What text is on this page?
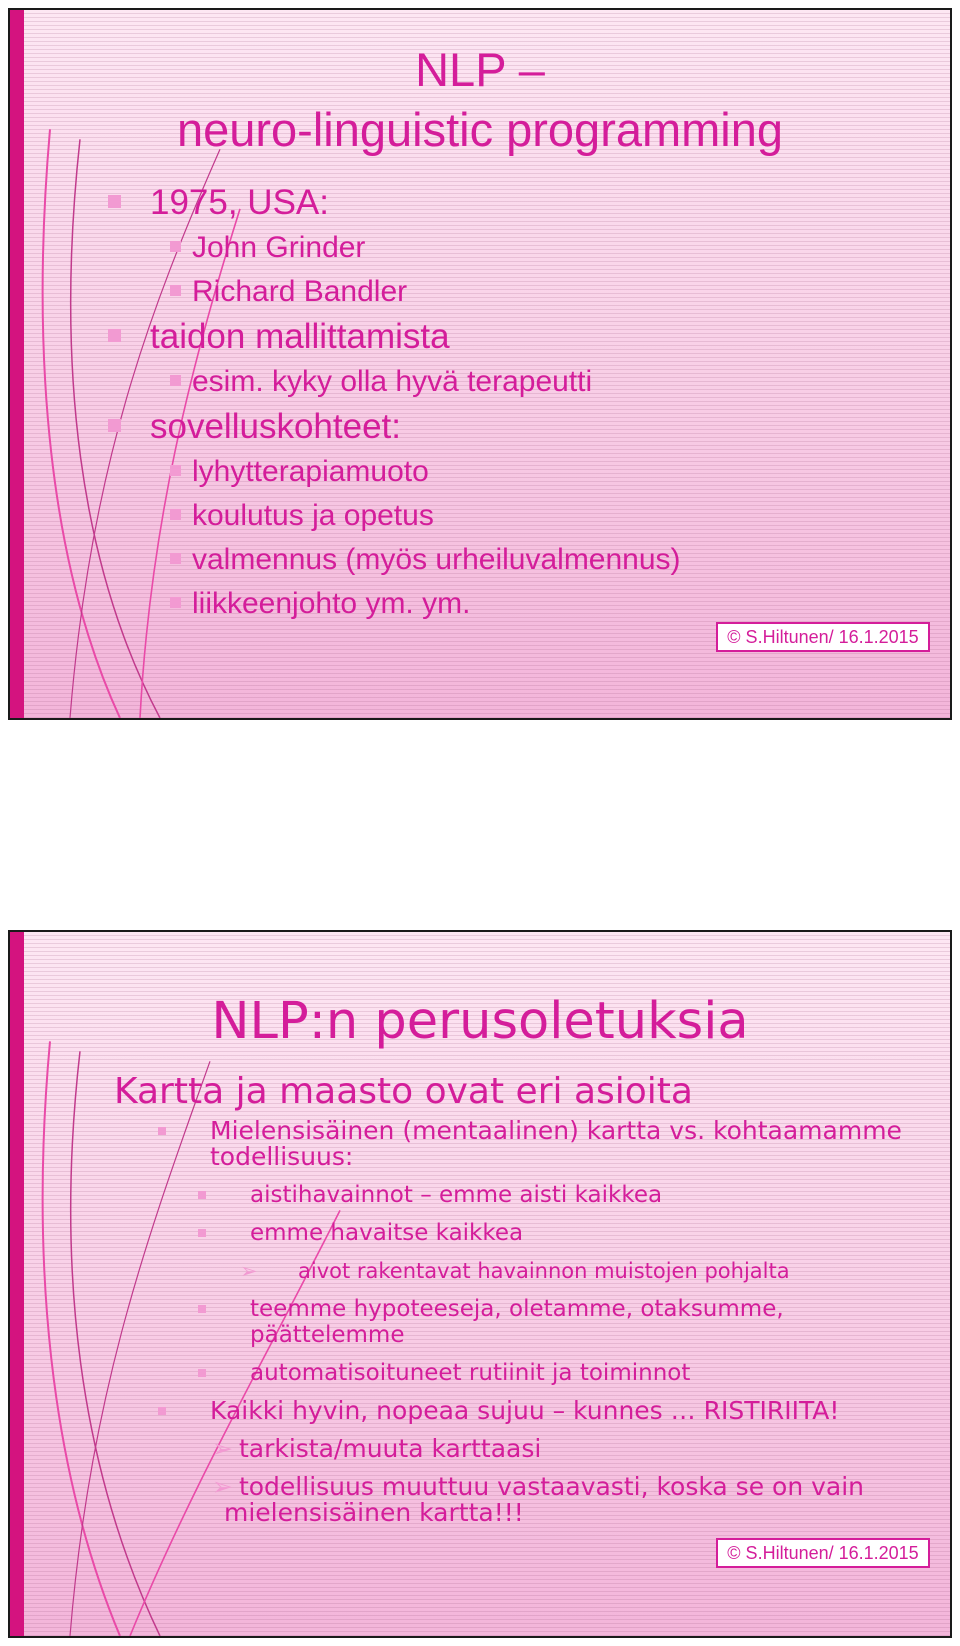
NLP –
neuro-linguistic programming
1975, USA:
John Grinder
Richard Bandler
taidon mallittamista
esim. kyky olla hyvä terapeutti
sovelluskohteet:
lyhytterapiamuoto
koulutus ja opetus
valmennus (myös urheiluvalmennus)
liikkeenjohto ym. ym.
© S.Hiltunen/ 16.1.2015
NLP:n perusoletuksia
Kartta ja maasto ovat eri asioita
Mielensisäinen (mentaalinen) kartta vs. kohtaamamme todellisuus:
aistihavainnot – emme aisti kaikkea
emme havaitse kaikkea
➢ aivot rakentavat havainnon muistojen pohjalta
teemme hypoteeseja, oletamme, otaksumme, päättelemme
automatisoituneet rutiinit ja toiminnot
Kaikki hyvin, nopeaa sujuu – kunnes … RISTIRIITA!
➢ tarkista/muuta karttaasi
➢ todellisuus muuttuu vastaavasti, koska se on vain mielensisäinen kartta!!!
© S.Hiltunen/ 16.1.2015
